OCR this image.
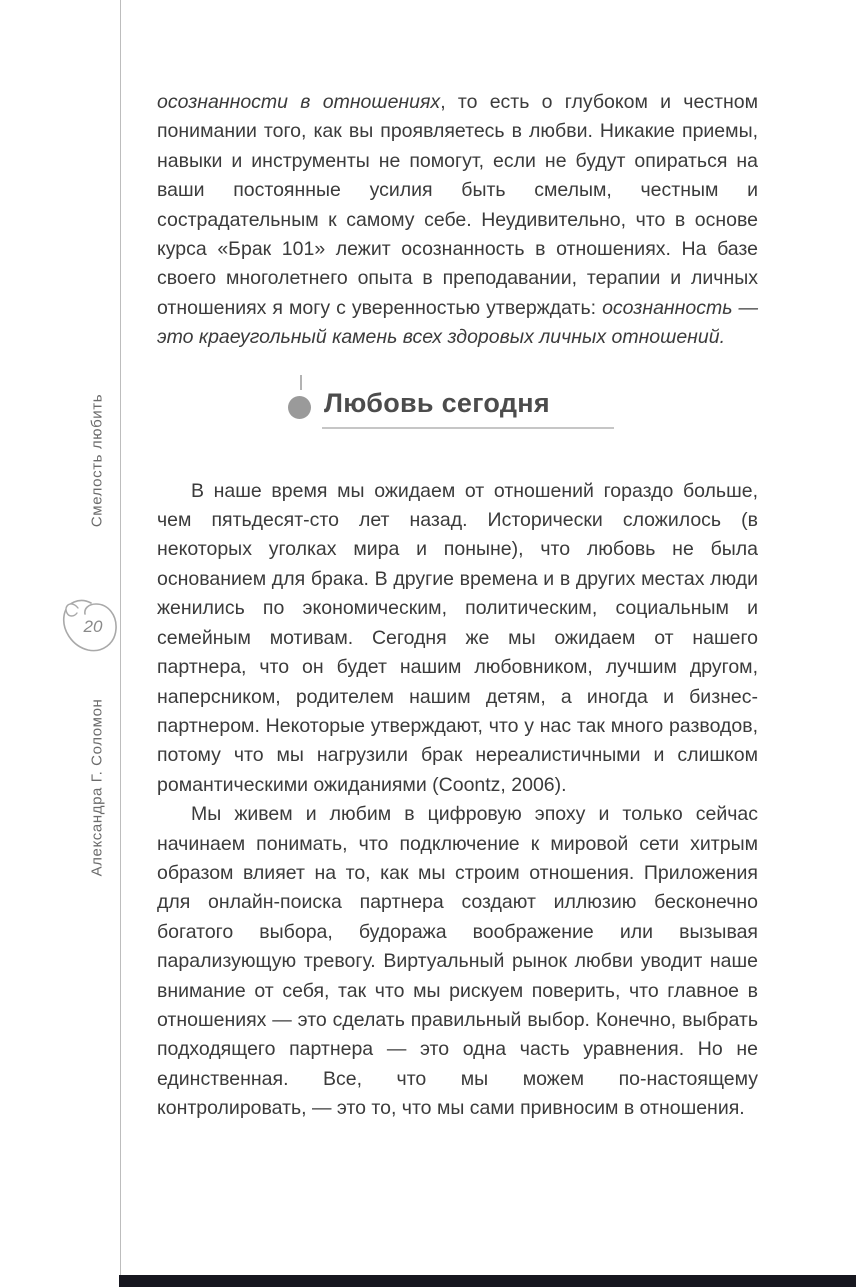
Смелость любить
20
Александра Г. Соломон

осознанности в отношениях, то есть о глубоком и честном понимании того, как вы проявляетесь в любви. Никакие приемы, навыки и инструменты не помогут, если не будут опираться на ваши постоянные усилия быть смелым, честным и сострадательным к самому себе. Неудивительно, что в основе курса «Брак 101» лежит осознанность в отношениях. На базе своего многолетнего опыта в преподавании, терапии и личных отношениях я могу с уверенностью утверждать: осознанность — это краеугольный камень всех здоровых личных отношений.

Любовь сегодня

В наше время мы ожидаем от отношений гораздо больше, чем пятьдесят-сто лет назад. Исторически сложилось (в некоторых уголках мира и поныне), что любовь не была основанием для брака. В другие времена и в других местах люди женились по экономическим, политическим, социальным и семейным мотивам. Сегодня же мы ожидаем от нашего партнера, что он будет нашим любовником, лучшим другом, наперсником, родителем нашим детям, а иногда и бизнес-партнером. Некоторые утверждают, что у нас так много разводов, потому что мы нагрузили брак нереалистичными и слишком романтическими ожиданиями (Coontz, 2006).

Мы живем и любим в цифровую эпоху и только сейчас начинаем понимать, что подключение к мировой сети хитрым образом влияет на то, как мы строим отношения. Приложения для онлайн-поиска партнера создают иллюзию бесконечно богатого выбора, будоража воображение или вызывая парализующую тревогу. Виртуальный рынок любви уводит наше внимание от себя, так что мы рискуем поверить, что главное в отношениях — это сделать правильный выбор. Конечно, выбрать подходящего партнера — это одна часть уравнения. Но не единственная. Все, что мы можем по-настоящему контролировать, — это то, что мы сами привносим в отношения.
